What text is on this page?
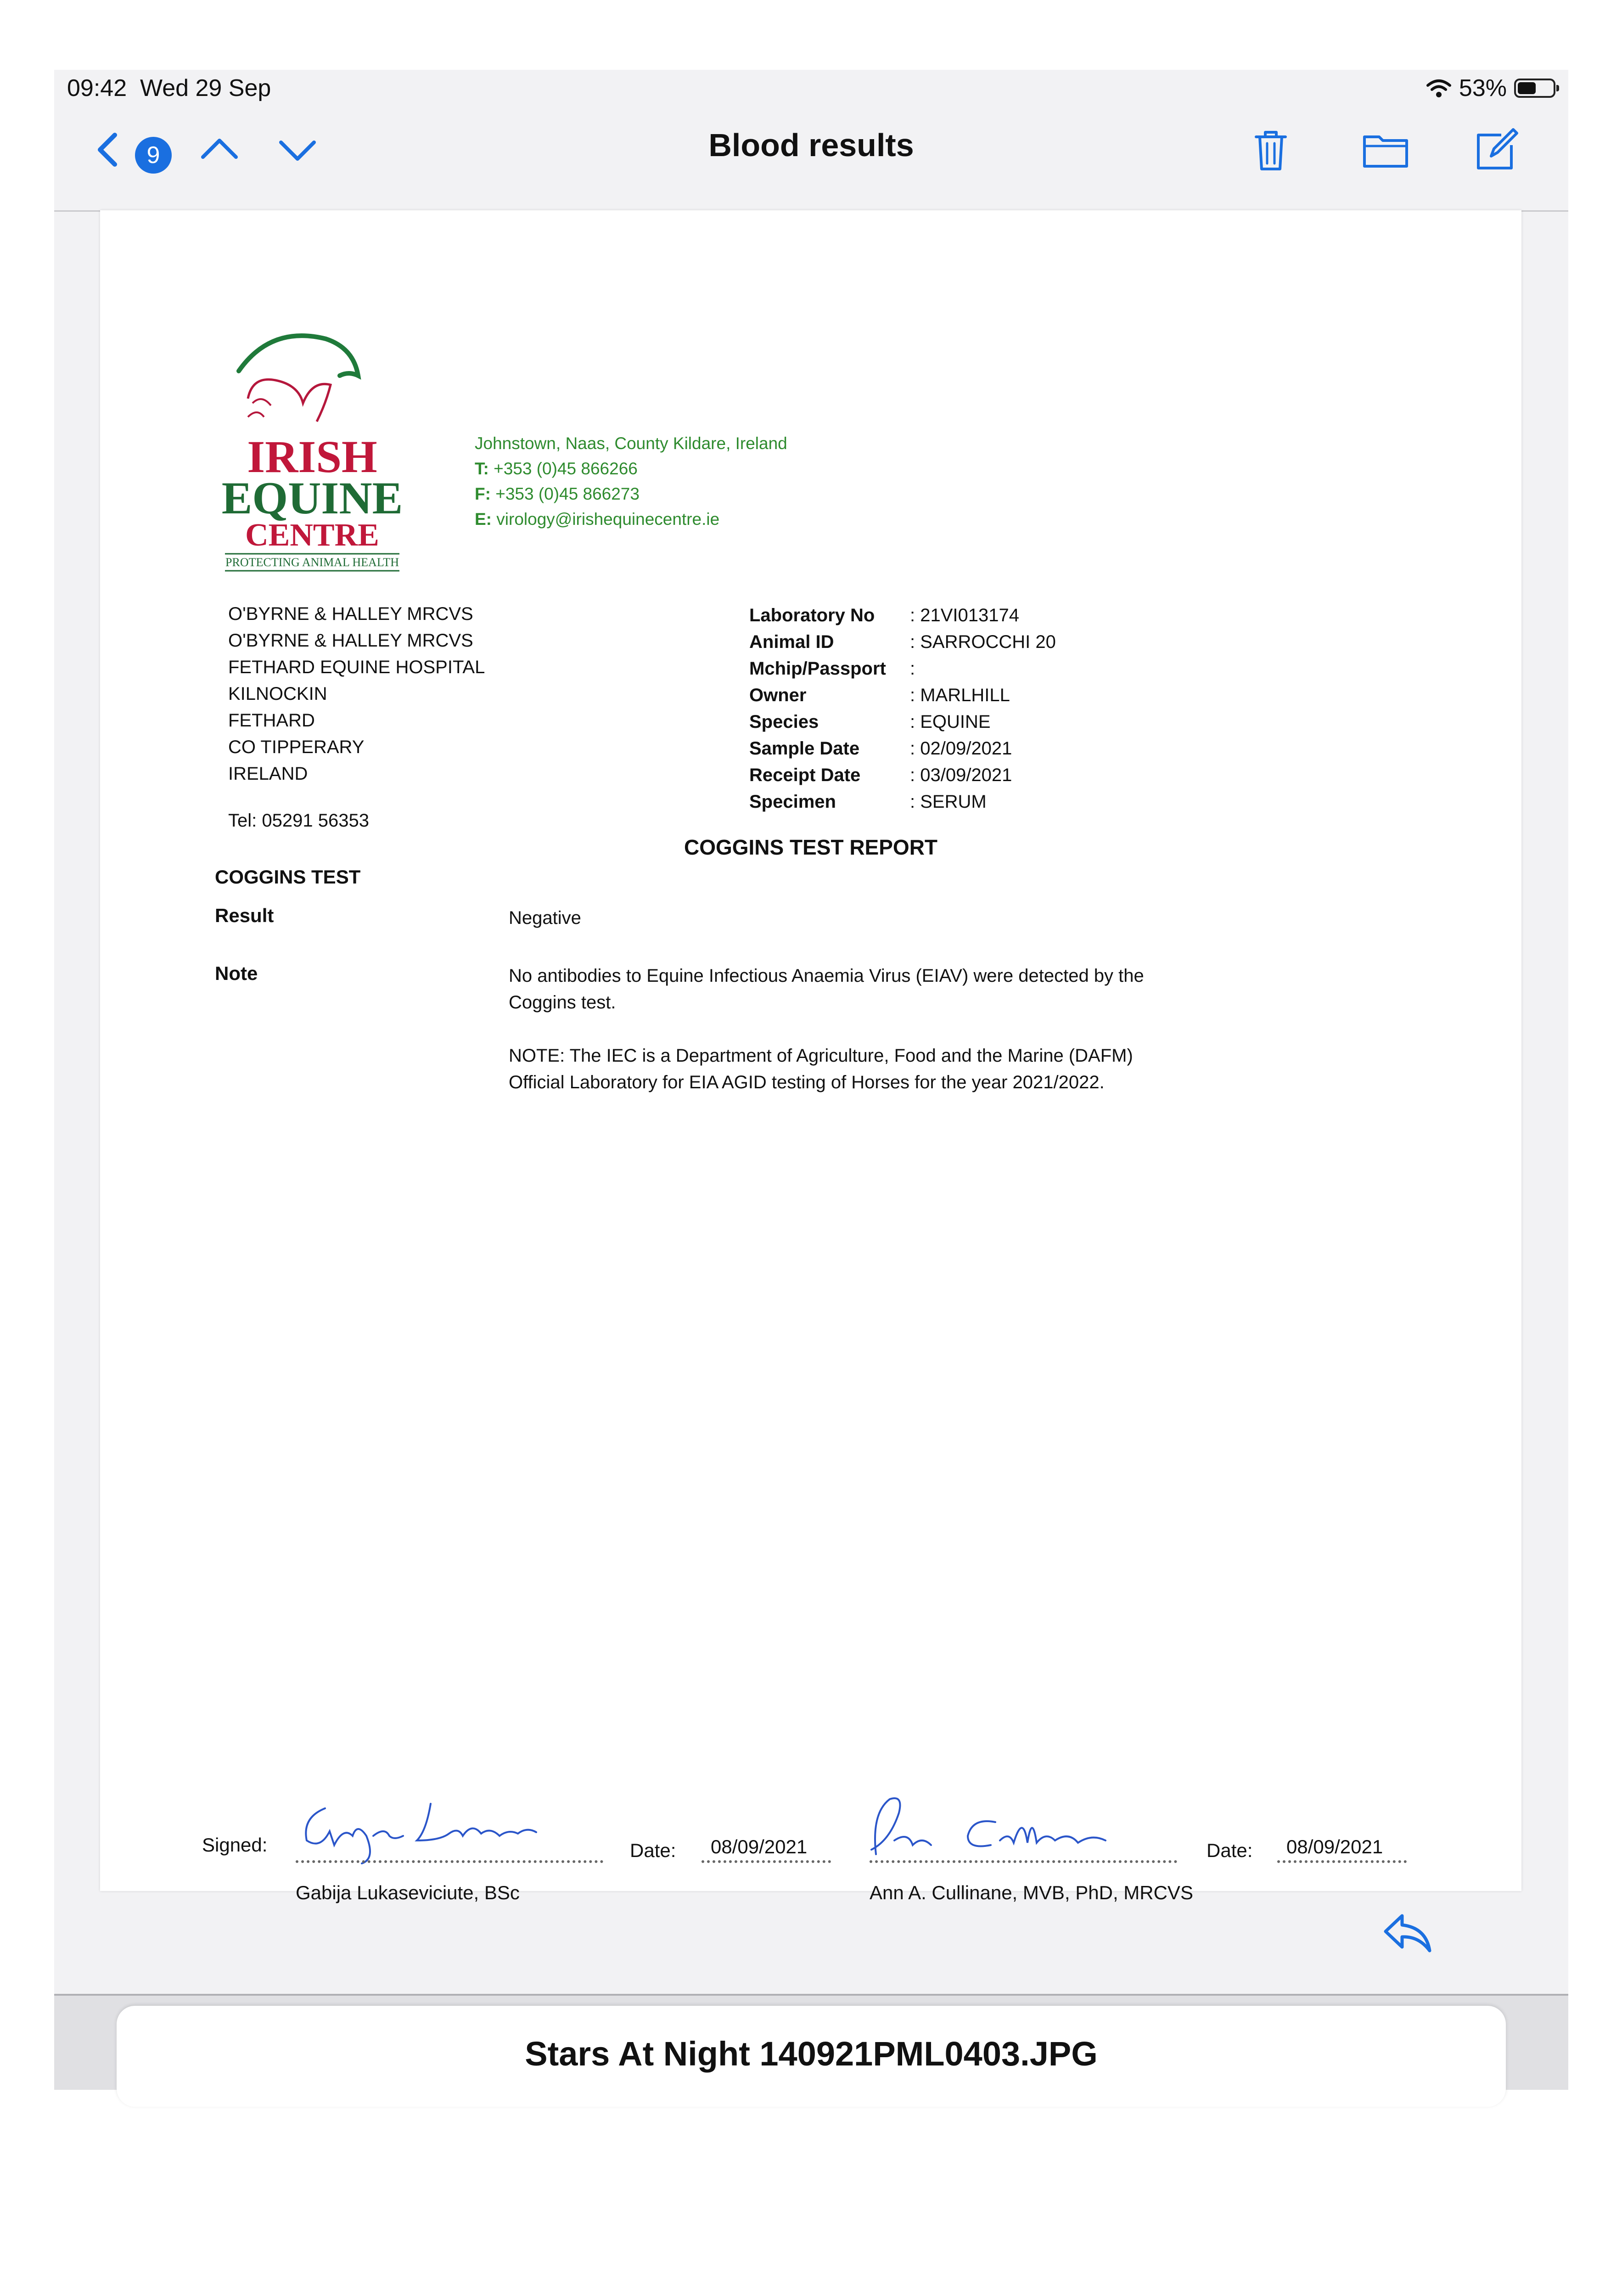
09:42 Wed 29 Sep	53%
Blood results
9
IRISH
EQUINE
CENTRE
PROTECTING ANIMAL HEALTH
Johnstown, Naas, County Kildare, Ireland
T: +353 (0)45 866266
F: +353 (0)45 866273
E: virology@irishequinecentre.ie
O'BYRNE & HALLEY MRCVS
O'BYRNE & HALLEY MRCVS
FETHARD EQUINE HOSPITAL
KILNOCKIN
FETHARD
CO TIPPERARY
IRELAND
Laboratory No	: 21VI013174
Animal ID	: SARROCCHI 20
Mchip/Passport	:
Owner	: MARLHILL
Species	: EQUINE
Sample Date	: 02/09/2021
Receipt Date	: 03/09/2021
Specimen	: SERUM
Tel: 05291 56353
COGGINS TEST REPORT
COGGINS TEST
Result	Negative
Note	No antibodies to Equine Infectious Anaemia Virus (EIAV) were detected by the Coggins test.
NOTE: The IEC is a Department of Agriculture, Food and the Marine (DAFM) Official Laboratory for EIA AGID testing of Horses for the year 2021/2022.
Signed:	Date: 08/09/2021	Date: 08/09/2021
Gabija Lukaseviciute, BSc	Ann A. Cullinane, MVB, PhD, MRCVS
Stars At Night 140921PML0403.JPG
